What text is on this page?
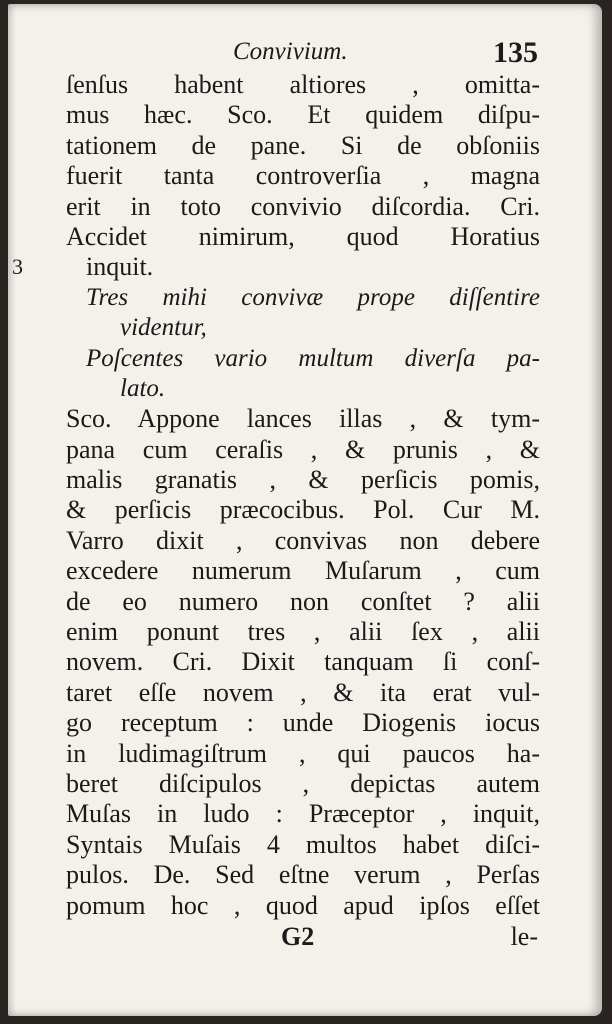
Convivium.	135
ſenſus habent altiores , omitta-
mus hæc. Sco. Et quidem diſpu-
tationem de pane. Si de obſoniis
fuerit tanta controverſia , magna
erit in toto convivio diſcordia. Cri.
Accidet nimirum, quod Horatius
inquit.
3
Tres mihi convivæ prope diſſentire
videntur,
Poſcentes vario multum diverſa pa-
lato.
Sco. Appone lances illas , & tym-
pana cum ceraſis , & prunis , &
malis granatis , & perſicis pomis,
& perſicis præcocibus. Pol. Cur M.
Varro dixit , convivas non debere
excedere numerum Muſarum , cum
de eo numero non conſtet ? alii
enim ponunt tres , alii ſex , alii
novem. Cri. Dixit tanquam ſi conſ-
taret eſſe novem , & ita erat vul-
go receptum : unde Diogenis iocus
in ludimagiſtrum , qui paucos ha-
beret diſcipulos , depictas autem
Muſas in ludo : Præceptor , inquit,
Syntais Muſais 4 multos habet diſci-
pulos. De. Sed eſtne verum , Perſas
pomum hoc , quod apud ipſos eſſet
G2	le-
